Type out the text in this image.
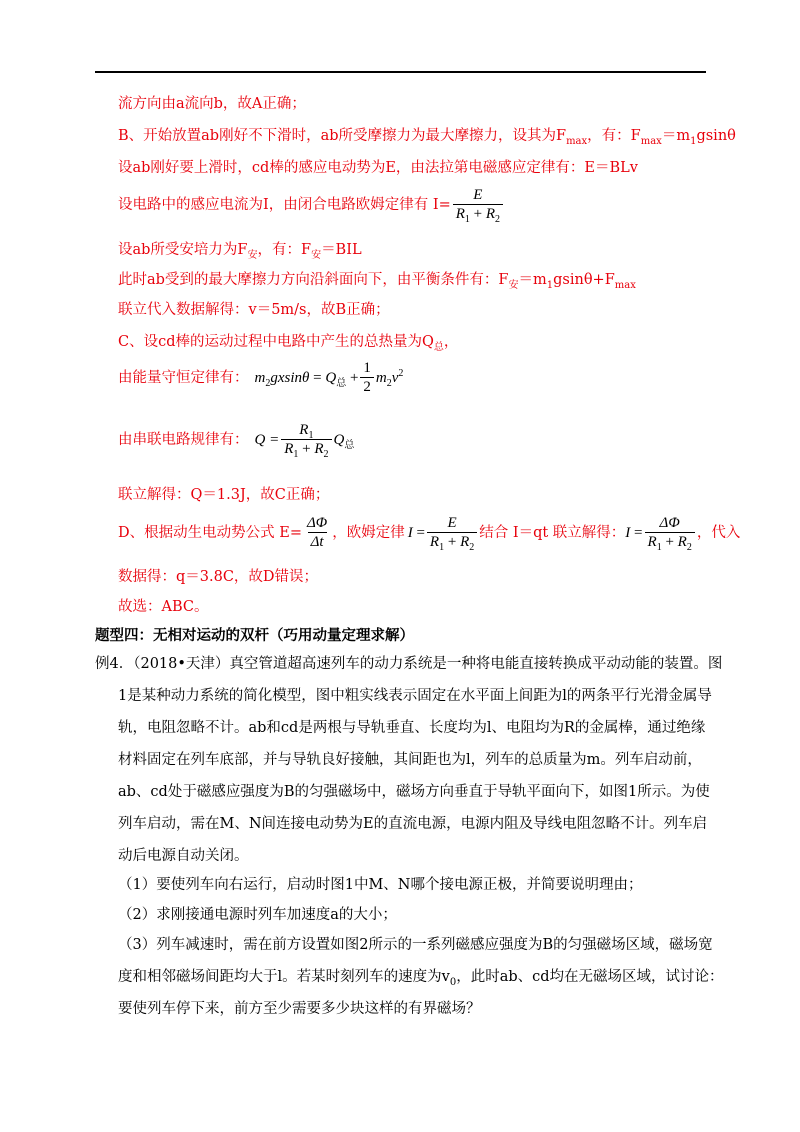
流方向由a流向b，故A正确；
B、开始放置ab刚好不下滑时，ab所受摩擦力为最大摩擦力，设其为$F_{max}$，有：$F_{max}=m_1gsin\theta$
设ab刚好要上滑时，cd棒的感应电动势为E，由法拉第电磁感应定律有：E＝BLv
设电路中的感应电流为I，由闭合电路欧姆定律有 $I= \frac{E}{R_1 + R_2}$
设ab所受安培力为$F_安$，有：$F_安=BIL$
此时ab受到的最大摩擦力方向沿斜面向下，由平衡条件有：$F_安=m_1gsin\theta+F_{max}$
联立代入数据解得：v＝5m/s，故B正确；
C、设cd棒的运动过程中电路中产生的总热量为$Q_总$，
由能量守恒定律有： $m_2gxsin\theta = Q_总 + \frac{1}{2} m_2v^2$
由串联电路规律有： $Q = \frac{R_1}{R_1 + R_2} Q_总$
联立解得：Q＝1.3J，故C正确；
D、根据动生电动势公式 $E= \frac{\Delta\Phi}{\Delta t}$ ，欧姆定律 $I = \frac{E}{R_1 + R_2}$ 结合 I＝qt 联立解得： $I = \frac{\Delta\Phi}{R_1 + R_2}$ ，代入
数据得：q＝3.8C，故D错误；
故选：ABC。
题型四：无相对运动的双杆（巧用动量定理求解）
例4．（2018•天津）真空管道超高速列车的动力系统是一种将电能直接转换成平动动能的装置。图
1是某种动力系统的简化模型，图中粗实线表示固定在水平面上间距为l的两条平行光滑金属导
轨，电阻忽略不计。ab和cd是两根与导轨垂直、长度均为l、电阻均为R的金属棒，通过绝缘
材料固定在列车底部，并与导轨良好接触，其间距也为l，列车的总质量为m。列车启动前，
ab、cd处于磁感应强度为B的匀强磁场中，磁场方向垂直于导轨平面向下，如图1所示。为使
列车启动，需在M、N间连接电动势为E的直流电源，电源内阻及导线电阻忽略不计。列车启
动后电源自动关闭。
（1）要使列车向右运行，启动时图1中M、N哪个接电源正极，并简要说明理由；
（2）求刚接通电源时列车加速度a的大小；
（3）列车减速时，需在前方设置如图2所示的一系列磁感应强度为B的匀强磁场区域，磁场宽
度和相邻磁场间距均大于l。若某时刻列车的速度为$v_0$，此时ab、cd均在无磁场区域，试讨论：
要使列车停下来，前方至少需要多少块这样的有界磁场？
